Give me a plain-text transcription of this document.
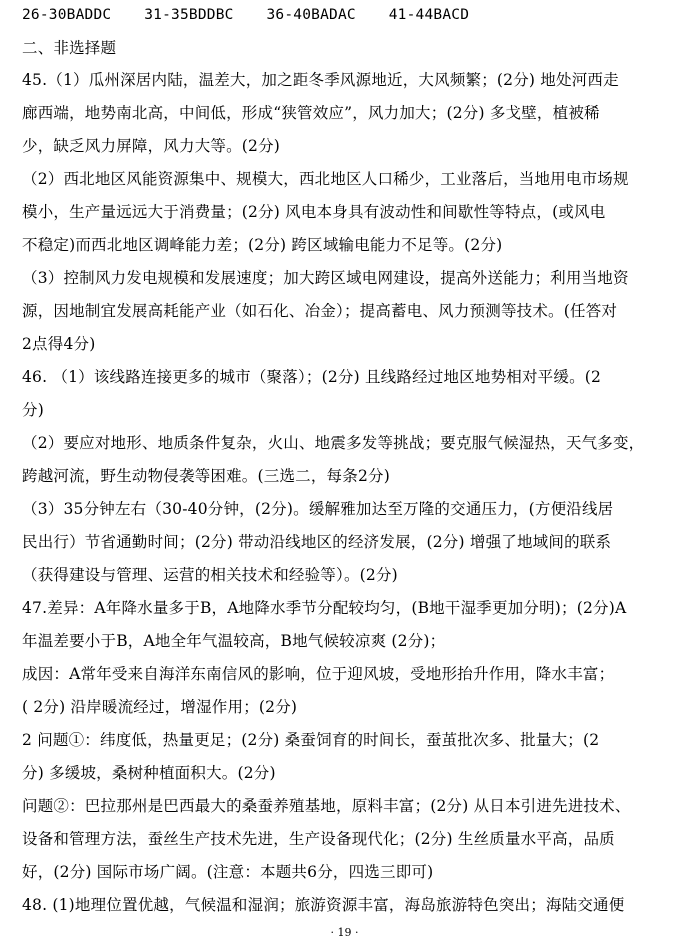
26-30BADDC 31-35BDDBC 36-40BADAC 41-44BACD
二、非选择题
45.（1）瓜州深居内陆，温差大，加之距冬季风源地近，大风频繁；(2分) 地处河西走
廊西端，地势南北高，中间低，形成“狭管效应”，风力加大；(2分) 多戈壁，植被稀
少，缺乏风力屏障，风力大等。(2分)
（2）西北地区风能资源集中、规模大，西北地区人口稀少，工业落后，当地用电市场规
模小，生产量远远大于消费量；(2分) 风电本身具有波动性和间歇性等特点，(或风电
不稳定)而西北地区调峰能力差；(2分) 跨区域输电能力不足等。(2分)
（3）控制风力发电规模和发展速度；加大跨区域电网建设，提高外送能力；利用当地资
源，因地制宜发展高耗能产业（如石化、冶金）；提高蓄电、风力预测等技术。(任答对
2点得4分)
46. （1）该线路连接更多的城市（聚落）；(2分) 且线路经过地区地势相对平缓。(2
分)
（2）要应对地形、地质条件复杂，火山、地震多发等挑战；要克服气候湿热，天气多变，
跨越河流，野生动物侵袭等困难。(三选二，每条2分)
（3）35分钟左右（30-40分钟，(2分)。缓解雅加达至万隆的交通压力，(方便沿线居
民出行）节省通勤时间；(2分) 带动沿线地区的经济发展，(2分) 增强了地域间的联系
（获得建设与管理、运营的相关技术和经验等）。(2分)
47.差异：A年降水量多于B，A地降水季节分配较均匀，(B地干湿季更加分明)；(2分)A
年温差要小于B，A地全年气温较高，B地气候较凉爽 (2分)；
成因：A常年受来自海洋东南信风的影响，位于迎风坡，受地形抬升作用，降水丰富；
( 2分) 沿岸暖流经过，增湿作用；(2分)
2 问题①：纬度低，热量更足；(2分) 桑蚕饲育的时间长，蚕茧批次多、批量大；(2
分) 多缓坡，桑树种植面积大。(2分)
问题②：巴拉那州是巴西最大的桑蚕养殖基地，原料丰富；(2分) 从日本引进先进技术、
设备和管理方法，蚕丝生产技术先进，生产设备现代化；(2分) 生丝质量水平高，品质
好，(2分) 国际市场广阔。(注意：本题共6分，四选三即可)
48. (1)地理位置优越，气候温和湿润；旅游资源丰富，海岛旅游特色突出；海陆交通便
· 19 ·
